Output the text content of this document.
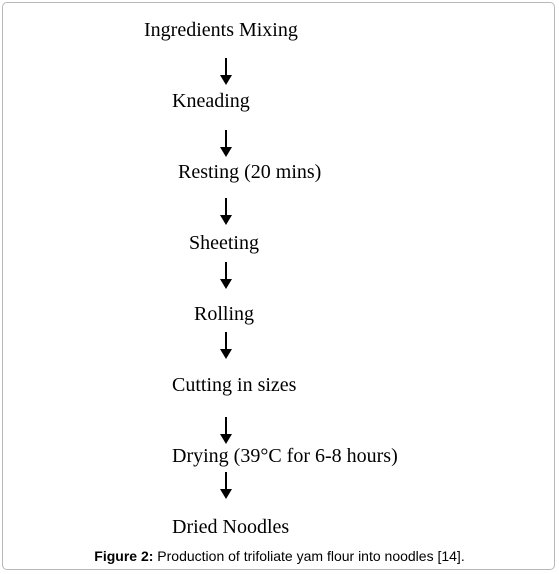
Ingredients Mixing
Kneading
Resting (20 mins)
Sheeting
Rolling
Cutting in sizes
Drying (39°C for 6-8 hours)
Dried Noodles
Figure 2: Production of trifoliate yam flour into noodles [14].
